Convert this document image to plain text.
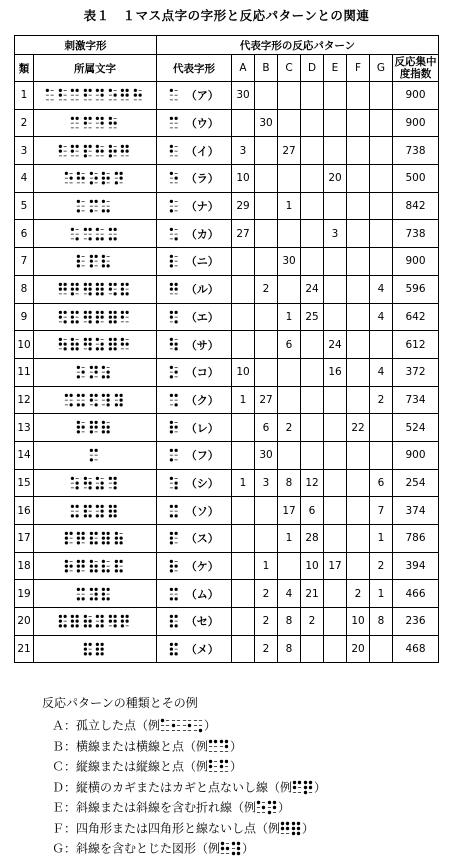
表１　１マス点字の字形と反応パターンとの関連
刺激字形		代表字形の反応パターン								
類	所属文字	代表字形	A	B	C	D	E	F	G	反応集中
度指数

1		（ア）	30							900
2		（ウ）		30						900
3		（イ）	3		27					738
4		（ラ）	10				20			500
5		（ナ）	29		1					842
6		（カ）	27				3			738
7		（ニ）			30					900
8		（ル）		2		24			4	596
9		（エ）			1	25			4	642
10		（サ）			6		24			612
11		（コ）	10				16		4	372
12		（ク）	1	27					2	734
13		（レ）		6	2			22		524
14		（フ）		30						900
15		（シ）	1	3	8	12			6	254
16		（ソ）			17	6			7	374
17		（ス）			1	28			1	786
18		（ケ）		1		10	17		2	394
19		（ム）		2	4	21		2	1	466
20		（セ）		2	8	2		10	8	236
21		（メ）		2	8			20		468
反応パターンの種類とその例
Ａ：孤立した点（例	）
Ｂ：横線または横線と点（例 ）
Ｃ：縦線または縦線と点（例 ）
Ｄ：縦横のカギまたはカギと点ないし線（例 ）
Ｅ：斜線または斜線を含む折れ線（例 ）
Ｆ：四角形または四角形と線ないし点（例 ）
Ｇ：斜線を含むとじた図形（例 ）
